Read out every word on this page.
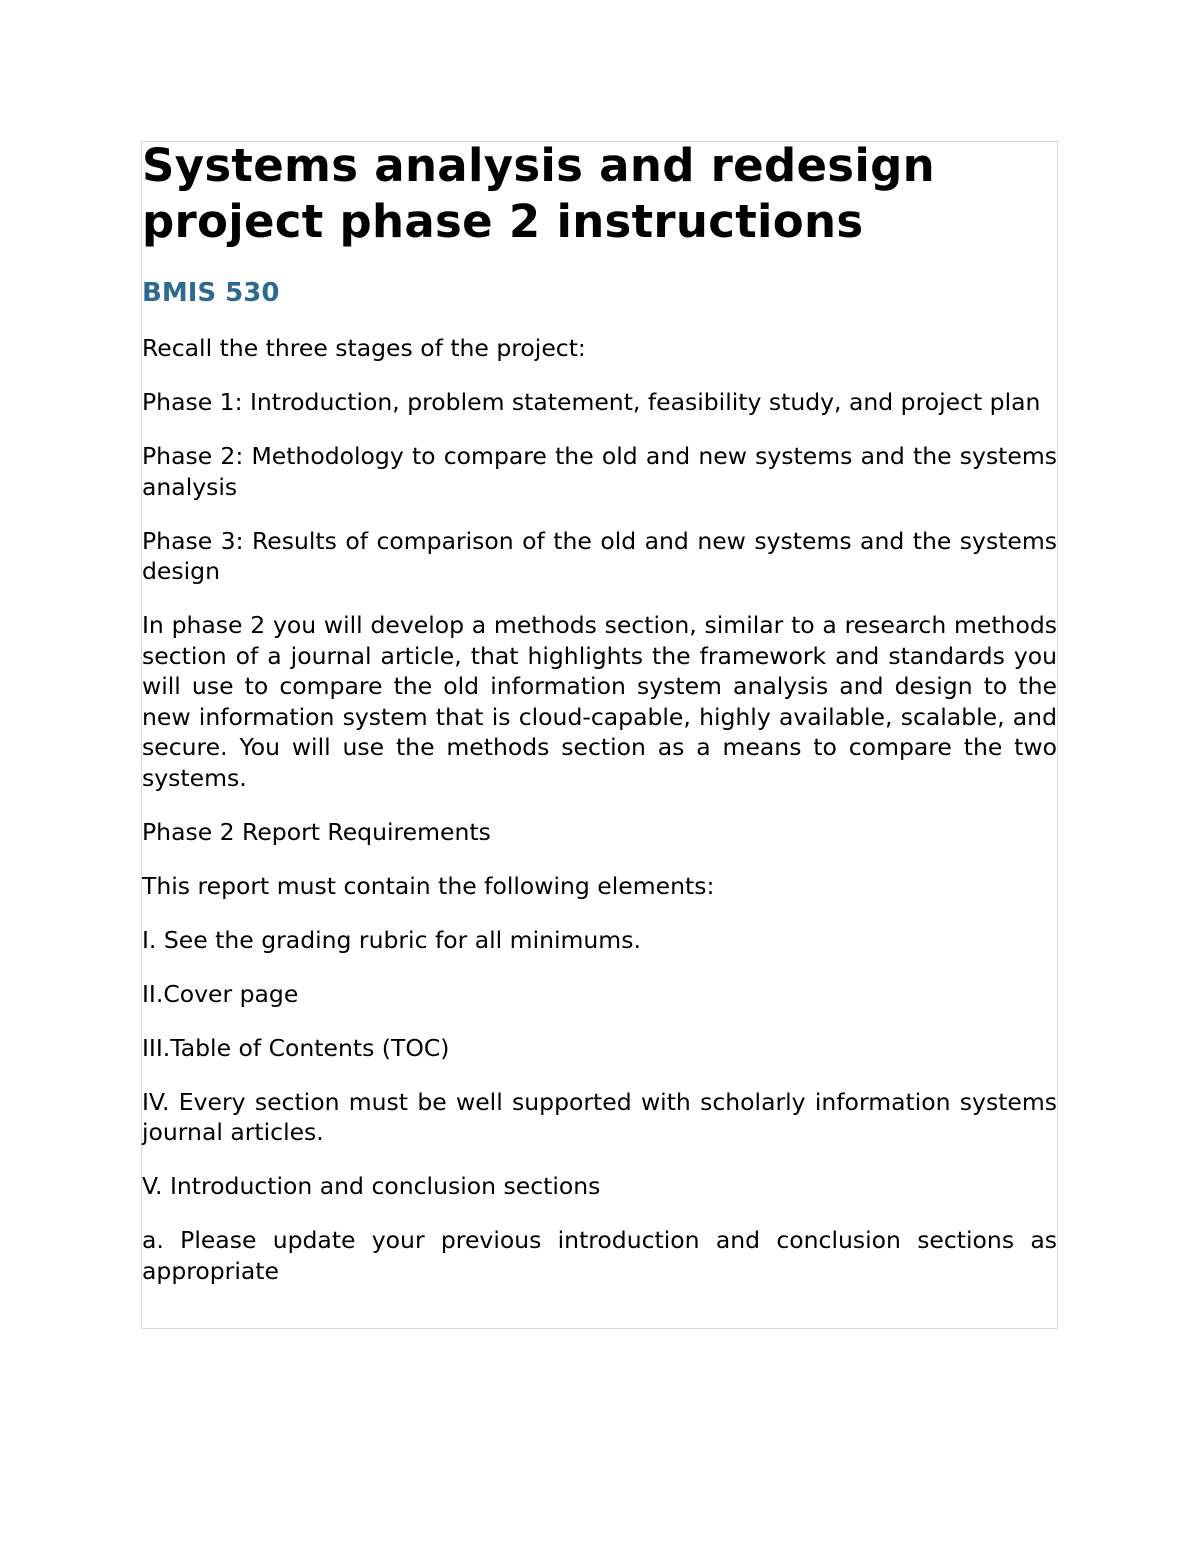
Systems analysis and redesign
project phase 2 instructions
BMIS 530

Recall the three stages of the project:

Phase 1: Introduction, problem statement, feasibility study, and project plan

Phase 2: Methodology to compare the old and new systems and the systems analysis

Phase 3: Results of comparison of the old and new systems and the systems design

In phase 2 you will develop a methods section, similar to a research methods section of a journal article, that highlights the framework and standards you will use to compare the old information system analysis and design to the new information system that is cloud-capable, highly available, scalable, and secure. You will use the methods section as a means to compare the two systems.

Phase 2 Report Requirements

This report must contain the following elements:

I. See the grading rubric for all minimums.

II.Cover page

III.Table of Contents (TOC)

IV. Every section must be well supported with scholarly information systems journal articles.

V. Introduction and conclusion sections

a. Please update your previous introduction and conclusion sections as appropriate
